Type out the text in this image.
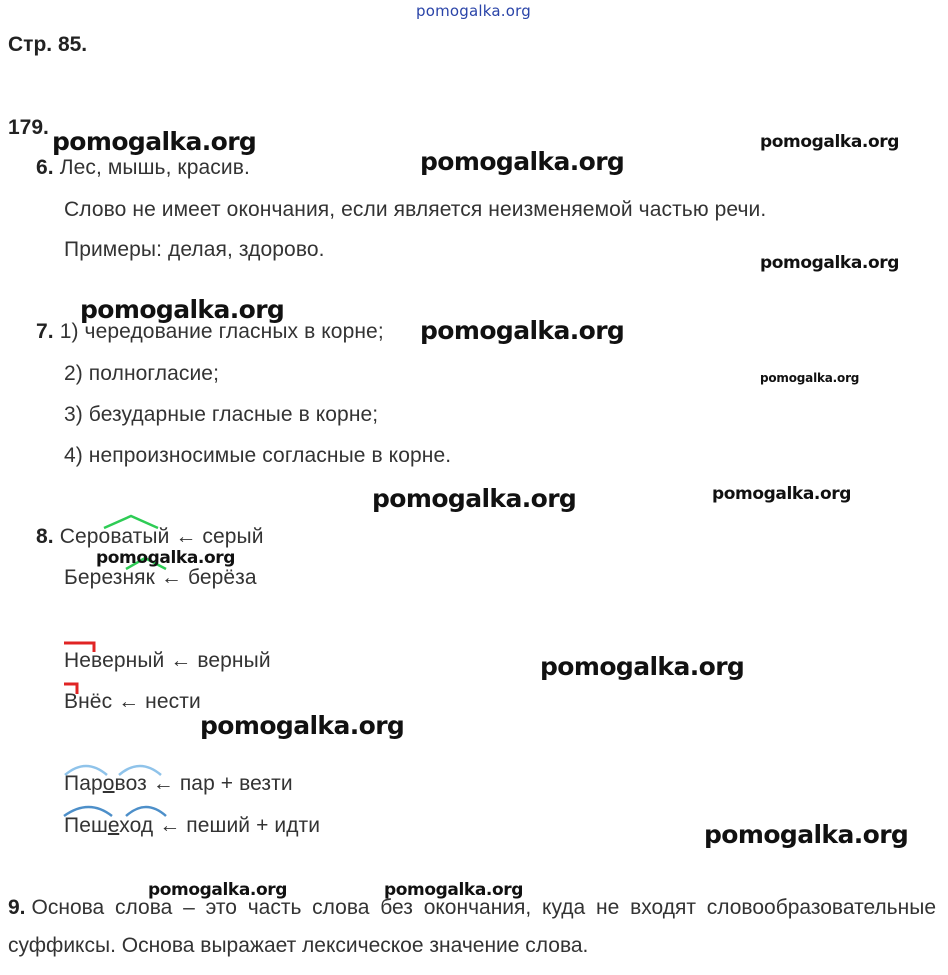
pomogalka.org
Стр. 85.
179.
6. Лес, мышь, красив.
Слово не имеет окончания, если является неизменяемой частью речи.
Примеры: делая, здорово.
7. 1) чередование гласных в корне;
2) полногласие;
3) безударные гласные в корне;
4) непроизносимые согласные в корне.
8. Сероватый ← серый
Березняк ← берёза
Неверный ← верный
Внёс ← нести
Паровоз ← пар + везти
Пешеход ← пеший + идти
9. Основа слова – это часть слова без окончания, куда не входят словообразовательные суффиксы. Основа выражает лексическое значение слова.
pomogalka.org	pomogalka.org
pomogalka.org
pomogalka.org
pomogalka.org
pomogalka.org
pomogalka.org
pomogalka.org	pomogalka.org
pomogalka.org
pomogalka.org
pomogalka.org
pomogalka.org
pomogalka.org	pomogalka.org
